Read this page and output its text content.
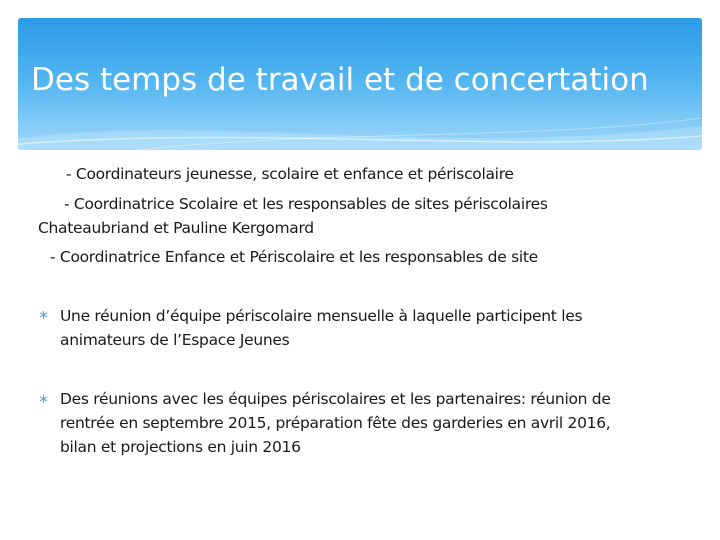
Des temps de travail et de concertation
- Coordinateurs jeunesse, scolaire et enfance et périscolaire
- Coordinatrice Scolaire et les responsables de sites périscolaires
Chateaubriand et Pauline Kergomard
- Coordinatrice Enfance et Périscolaire et les responsables de site
∗ Une réunion d’équipe périscolaire mensuelle à laquelle participent les
animateurs de l’Espace Jeunes
∗ Des réunions avec les équipes périscolaires et les partenaires: réunion de
rentrée en septembre 2015, préparation fête des garderies en avril 2016,
bilan et projections en juin 2016
